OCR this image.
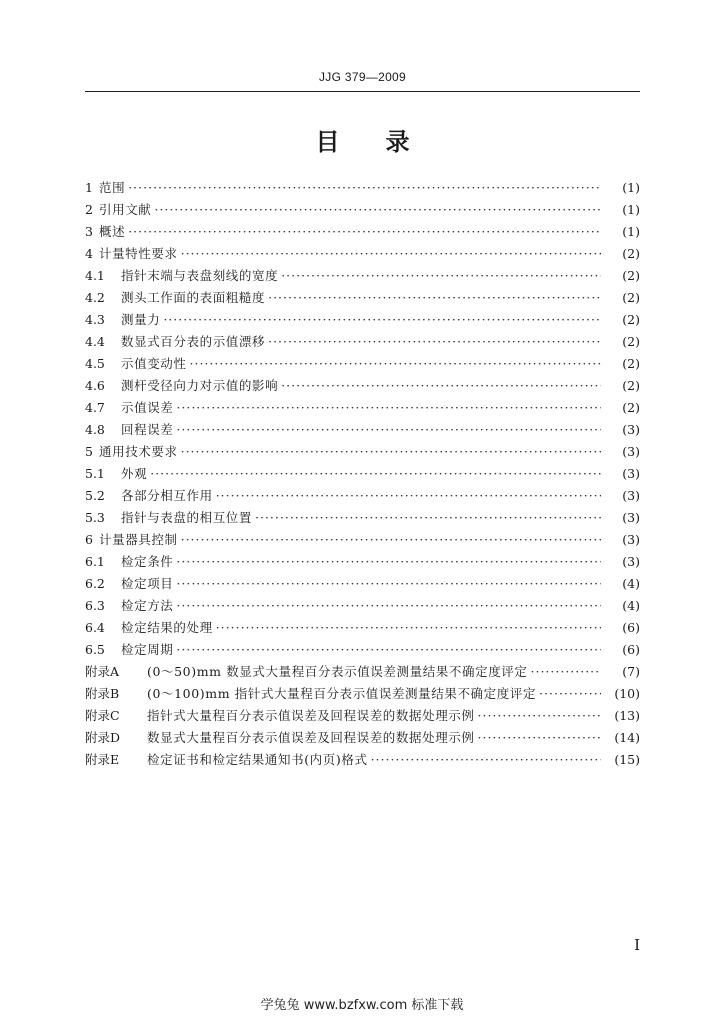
JJG 379—2009
目 录
1 范围 ·····	(1)
2 引用文献 ·····	(1)
3 概述 ·····	(1)
4 计量特性要求 ·····	(2)
4.1	指针末端与表盘刻线的宽度 ·····	(2)
4.2	测头工作面的表面粗糙度 ·····	(2)
4.3	测量力 ·····	(2)
4.4	数显式百分表的示值漂移 ·····	(2)
4.5	示值变动性 ·····	(2)
4.6	测杆受径向力对示值的影响 ·····	(2)
4.7	示值误差 ·····	(2)
4.8	回程误差 ·····	(3)
5 通用技术要求 ·····	(3)
5.1	外观 ·····	(3)
5.2	各部分相互作用 ·····	(3)
5.3	指针与表盘的相互位置 ·····	(3)
6 计量器具控制 ·····	(3)
6.1	检定条件 ·····	(3)
6.2	检定项目 ·····	(4)
6.3	检定方法 ·····	(4)
6.4	检定结果的处理 ·····	(6)
6.5	检定周期 ·····	(6)
附录A	(0～50)mm 数显式大量程百分表示值误差测量结果不确定度评定 ·····	(7)
附录B	(0～100)mm 指针式大量程百分表示值误差测量结果不确定度评定 ·····	(10)
附录C	指针式大量程百分表示值误差及回程误差的数据处理示例 ·····	(13)
附录D	数显式大量程百分表示值误差及回程误差的数据处理示例 ·····	(14)
附录E	检定证书和检定结果通知书(内页)格式 ·····	(15)
I
学兔兔 www.bzfxw.com 标准下载
